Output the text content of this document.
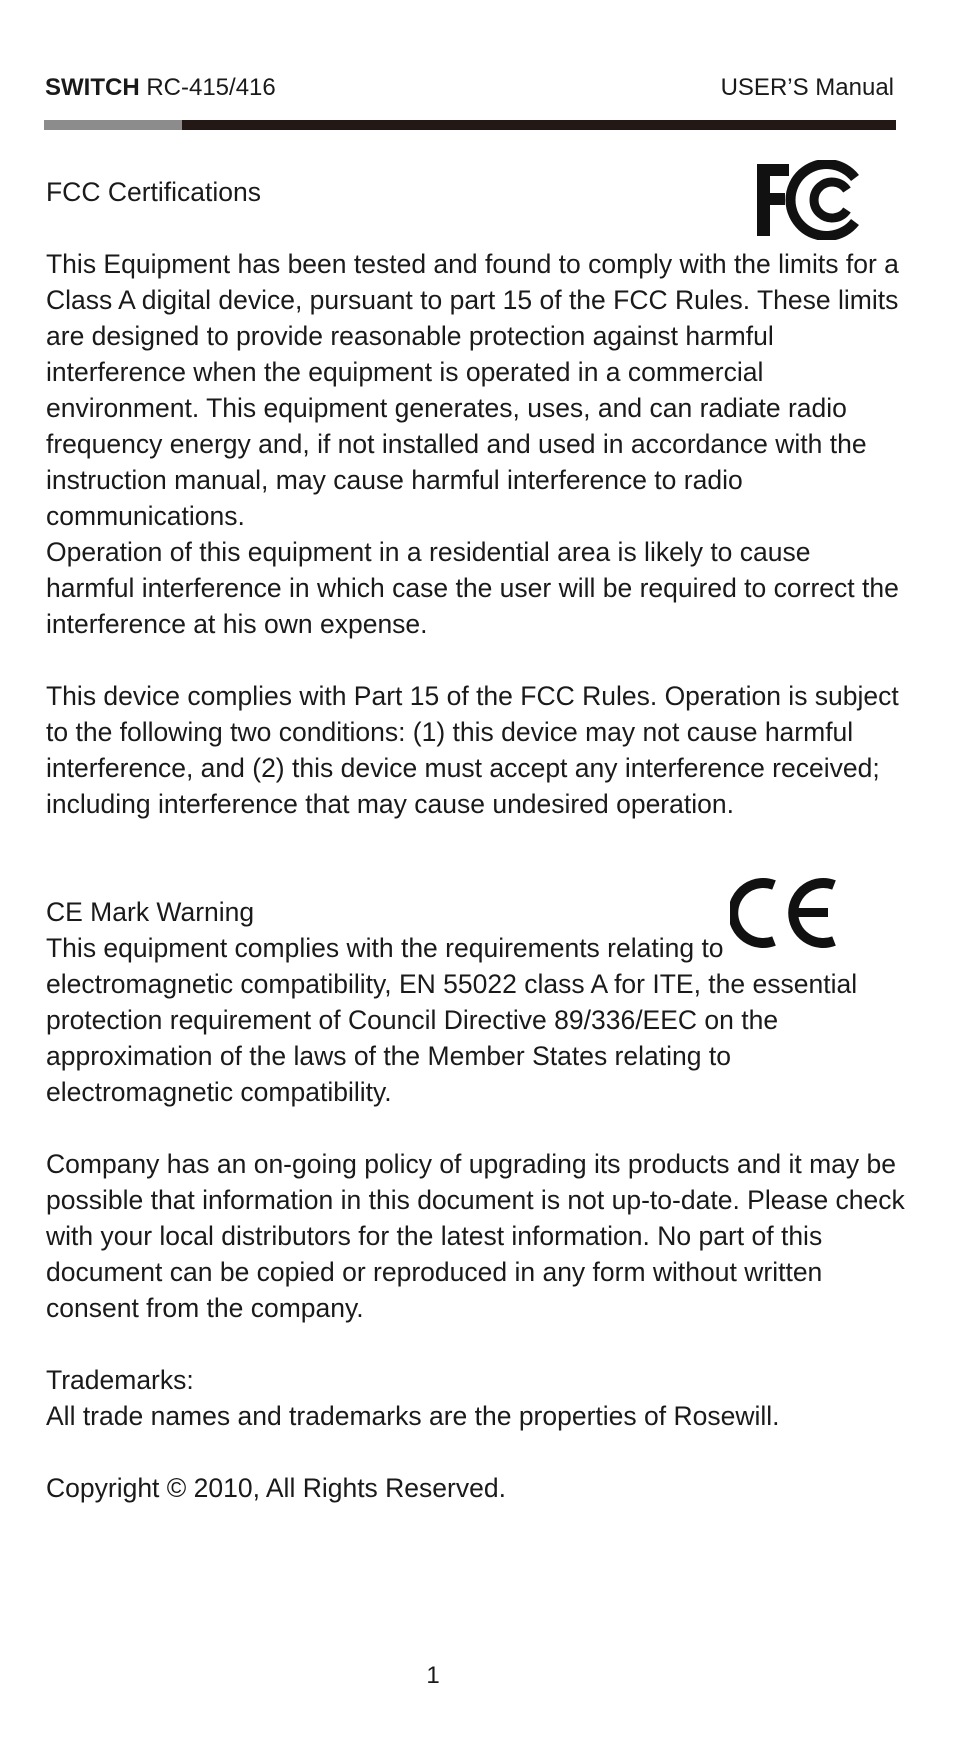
SWITCH RC-415/416	USER’S Manual

FCC Certifications

This Equipment has been tested and found to comply with the limits for a Class A digital device, pursuant to part 15 of the FCC Rules. These limits are designed to provide reasonable protection against harmful interference when the equipment is operated in a commercial environment. This equipment generates, uses, and can radiate radio frequency energy and, if not installed and used in accordance with the instruction manual, may cause harmful interference to radio communications.

Operation of this equipment in a residential area is likely to cause harmful interference in which case the user will be required to correct the interference at his own expense.

This device complies with Part 15 of the FCC Rules. Operation is subject to the following two conditions: (1) this device may not cause harmful interference, and (2) this device must accept any interference received; including interference that may cause undesired operation.

CE Mark Warning

This equipment complies with the requirements relating to electromagnetic compatibility, EN 55022 class A for ITE, the essential protection requirement of Council Directive 89/336/EEC on the approximation of the laws of the Member States relating to electromagnetic compatibility.

Company has an on-going policy of upgrading its products and it may be possible that information in this document is not up-to-date. Please check with your local distributors for the latest information. No part of this document can be copied or reproduced in any form without written consent from the company.

Trademarks:

All trade names and trademarks are the properties of Rosewill.

Copyright © 2010, All Rights Reserved.

1
